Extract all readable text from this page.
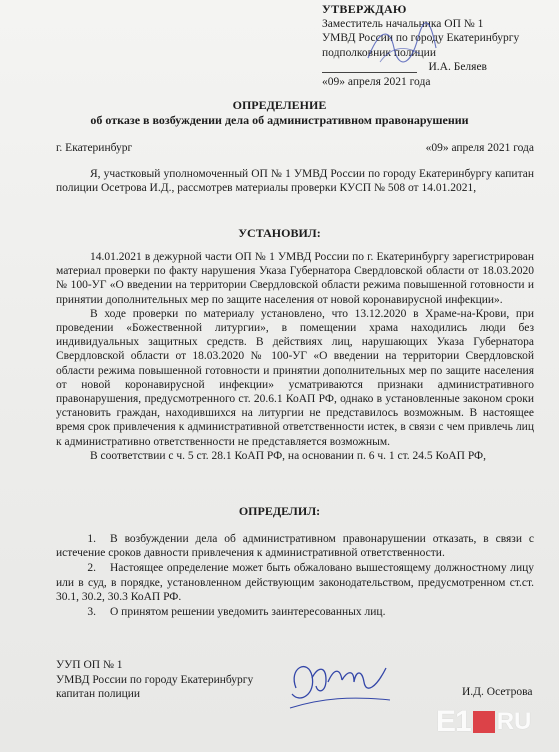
УТВЕРЖДАЮ
Заместитель начальника ОП № 1
УМВД России по городу Екатеринбургу
подполковник полиции
И.А. Беляев
«09» апреля 2021 года
ОПРЕДЕЛЕНИЕ
об отказе в возбуждении дела об административном правонарушении
г. Екатеринбург	«09» апреля 2021 года

Я, участковый уполномоченный ОП № 1 УМВД России по городу Екатеринбургу капитан полиции Осетрова И.Д., рассмотрев материалы проверки КУСП № 508 от 14.01.2021,

УСТАНОВИЛ:

14.01.2021 в дежурной части ОП № 1 УМВД России по г. Екатеринбургу зарегистрирован материал проверки по факту нарушения Указа Губернатора Свердловской области от 18.03.2020 № 100-УГ «О введении на территории Свердловской области режима повышенной готовности и принятии дополнительных мер по защите населения от новой коронавирусной инфекции».

В ходе проверки по материалу установлено, что 13.12.2020 в Храме-на-Крови, при проведении «Божественной литургии», в помещении храма находились люди без индивидуальных защитных средств. В действиях лиц, нарушающих Указа Губернатора Свердловской области от 18.03.2020 № 100-УГ «О введении на территории Свердловской области режима повышенной готовности и принятии дополнительных мер по защите населения от новой коронавирусной инфекции» усматриваются признаки административного правонарушения, предусмотренного ст. 20.6.1 КоАП РФ, однако в установленные законом сроки установить граждан, находившихся на литургии не представилось возможным. В настоящее время срок привлечения к административной ответственности истек, в связи с чем привлечь лиц к административно ответственности не представляется возможным.

В соответствии с ч. 5 ст. 28.1 КоАП РФ, на основании п. 6 ч. 1 ст. 24.5 КоАП РФ,

ОПРЕДЕЛИЛ:
1. В возбуждении дела об административном правонарушении отказать, в связи с истечение сроков давности привлечения к административной ответственности.
2. Настоящее определение может быть обжаловано вышестоящему должностному лицу или в суд, в порядке, установленном действующим законодательством, предусмотренном ст.ст. 30.1, 30.2, 30.3 КоАП РФ.
3. О принятом решении уведомить заинтересованных лиц.
УУП ОП № 1
УМВД России по городу Екатеринбургу
капитан полиции	И.Д. Осетрова
E1 RU
